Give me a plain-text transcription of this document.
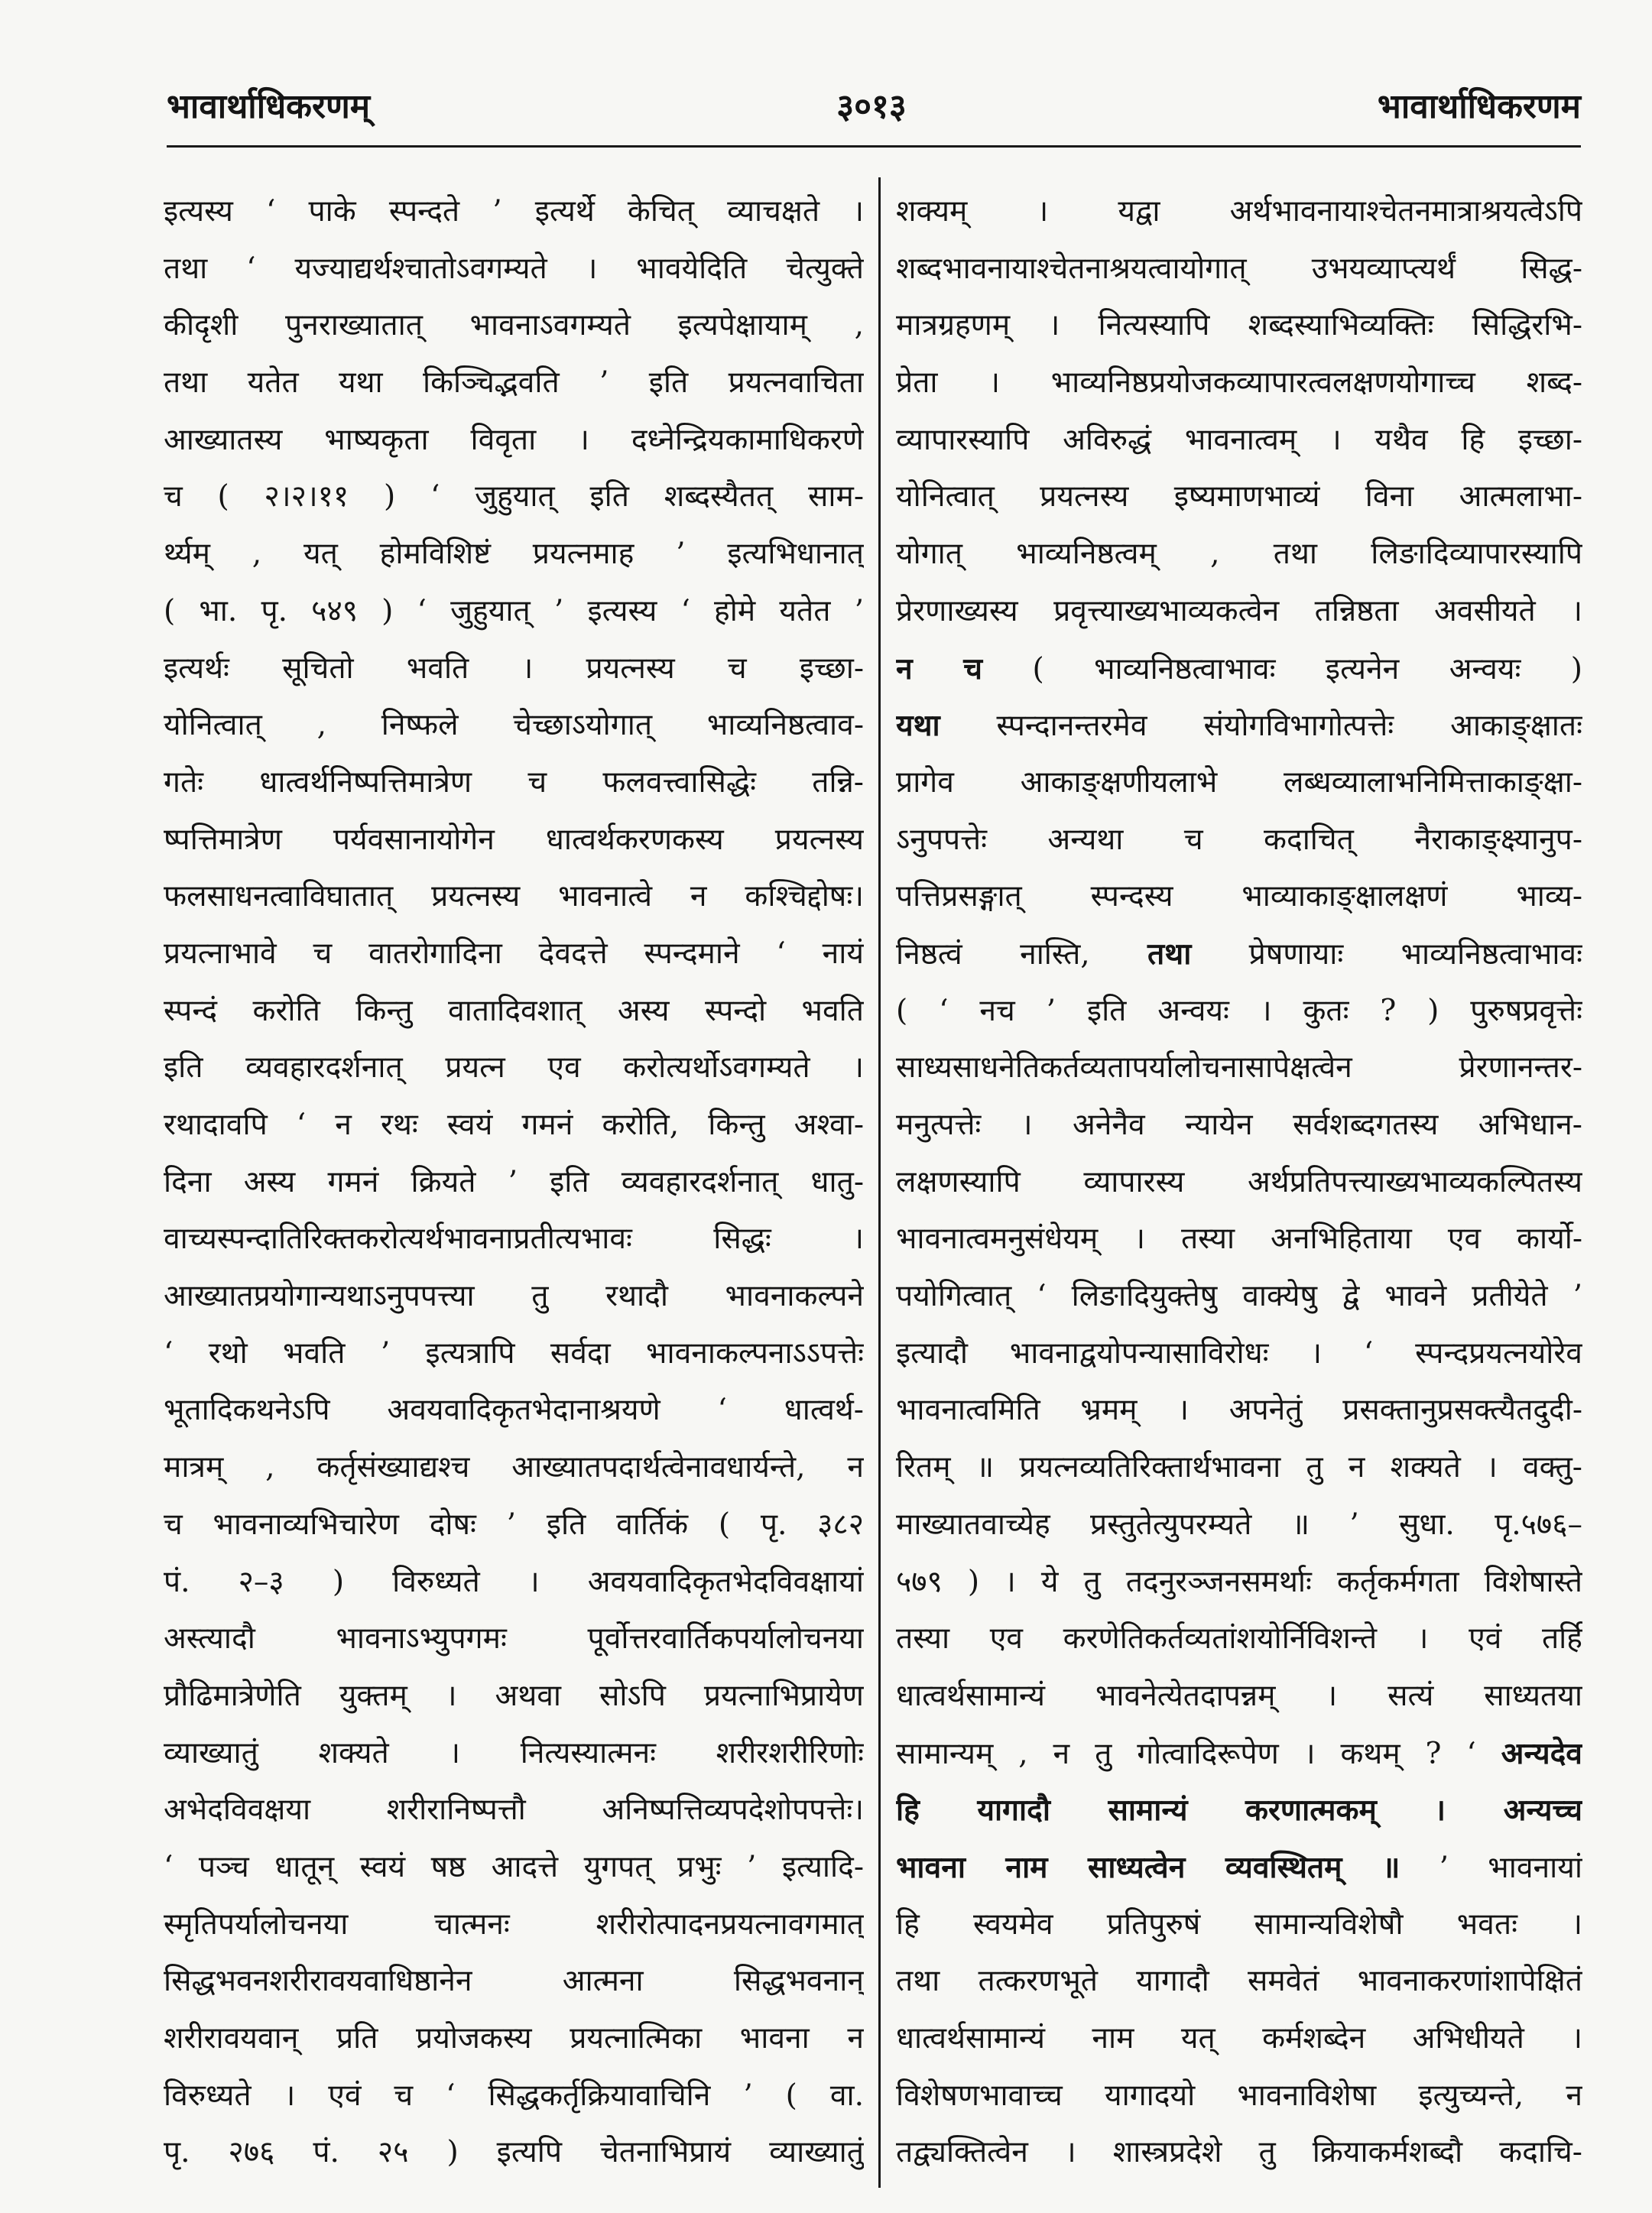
भावार्थाधिकरणम्	३०१३	भावार्थाधिकरणम
इत्यस्य ‘ पाके स्पन्दते ’ इत्यर्थे केचित् व्याचक्षते ।
तथा ‘ यज्याद्यर्थश्चातोऽवगम्यते । भावयेदिति चेत्युक्ते
कीदृशी पुनराख्यातात् भावनाऽवगम्यते इत्यपेक्षायाम् ,
तथा यतेत यथा किञ्चिद्भवति ’ इति प्रयत्नवाचिता
आख्यातस्य भाष्यकृता विवृता । दध्नेन्द्रियकामाधिकरणे
च ( २।२।११ ) ‘ जुहुयात् इति शब्दस्यैतत् साम-
र्थ्यम् , यत् होमविशिष्टं प्रयत्नमाह ’ इत्यभिधानात्
( भा. पृ. ५४९ ) ‘ जुहुयात् ’ इत्यस्य ‘ होमे यतेत ’
इत्यर्थः सूचितो भवति । प्रयत्नस्य च इच्छा-
योनित्वात् , निष्फले चेच्छाऽयोगात् भाव्यनिष्ठत्वाव-
गतेः धात्वर्थनिष्पत्तिमात्रेण च फलवत्त्वासिद्धेः तन्नि-
ष्पत्तिमात्रेण पर्यवसानायोगेन धात्वर्थकरणकस्य प्रयत्नस्य
फलसाधनत्वाविघातात् प्रयत्नस्य भावनात्वे न कश्चिद्दोषः।
प्रयत्नाभावे च वातरोगादिना देवदत्ते स्पन्दमाने ‘ नायं
स्पन्दं करोति किन्तु वातादिवशात् अस्य स्पन्दो भवति
इति व्यवहारदर्शनात् प्रयत्न एव करोत्यर्थोऽवगम्यते ।
रथादावपि ‘ न रथः स्वयं गमनं करोति, किन्तु अश्वा-
दिना अस्य गमनं क्रियते ’ इति व्यवहारदर्शनात् धातु-
वाच्यस्पन्दातिरिक्तकरोत्यर्थभावनाप्रतीत्यभावः सिद्धः ।
आख्यातप्रयोगान्यथाऽनुपपत्त्या तु रथादौ भावनाकल्पने
‘ रथो भवति ’ इत्यत्रापि सर्वदा भावनाकल्पनाऽऽपत्तेः
भूतादिकथनेऽपि अवयवादिकृतभेदानाश्रयणे ‘ धात्वर्थ-
मात्रम् , कर्तृसंख्याद्यश्च आख्यातपदार्थत्वेनावधार्यन्ते, न
च भावनाव्यभिचारेण दोषः ’ इति वार्तिकं ( पृ. ३८२
पं. २–३ ) विरुध्यते । अवयवादिकृतभेदविवक्षायां
अस्त्यादौ भावनाऽभ्युपगमः पूर्वोत्तरवार्तिकपर्यालोचनया
प्रौढिमात्रेणेति युक्तम् । अथवा सोऽपि प्रयत्नाभिप्रायेण
व्याख्यातुं शक्यते । नित्यस्यात्मनः शरीरशरीरिणोः
अभेदविवक्षया शरीरानिष्पत्तौ अनिष्पत्तिव्यपदेशोपपत्तेः।
‘ पञ्च धातून् स्वयं षष्ठ आदत्ते युगपत् प्रभुः ’ इत्यादि-
स्मृतिपर्यालोचनया चात्मनः शरीरोत्पादनप्रयत्नावगमात्
सिद्धभवनशरीरावयवाधिष्ठानेन आत्मना सिद्धभवनान्
शरीरावयवान् प्रति प्रयोजकस्य प्रयत्नात्मिका भावना न
विरुध्यते । एवं च ‘ सिद्धकर्तृक्रियावाचिनि ’ ( वा.
पृ. २७६ पं. २५ ) इत्यपि चेतनाभिप्रायं व्याख्यातुं
शक्यम् । यद्वा अर्थभावनायाश्चेतनमात्राश्रयत्वेऽपि
शब्दभावनायाश्चेतनाश्रयत्वायोगात् उभयव्याप्त्यर्थं सिद्ध-
मात्रग्रहणम् । नित्यस्यापि शब्दस्याभिव्यक्तिः सिद्धिरभि-
प्रेता । भाव्यनिष्ठप्रयोजकव्यापारत्वलक्षणयोगाच्च शब्द-
व्यापारस्यापि अविरुद्धं भावनात्वम् । यथैव हि इच्छा-
योनित्वात् प्रयत्नस्य इष्यमाणभाव्यं विना आत्मलाभा-
योगात् भाव्यनिष्ठत्वम् , तथा लिङादिव्यापारस्यापि
प्रेरणाख्यस्य प्रवृत्त्याख्यभाव्यकत्वेन तन्निष्ठता अवसीयते ।
न च ( भाव्यनिष्ठत्वाभावः इत्यनेन अन्वयः )
यथा स्पन्दानन्तरमेव संयोगविभागोत्पत्तेः आकाङ्क्षातः
प्रागेव आकाङ्क्षणीयलाभे लब्धव्यालाभनिमित्ताकाङ्क्षा-
ऽनुपपत्तेः अन्यथा च कदाचित् नैराकाङ्क्ष्यानुप-
पत्तिप्रसङ्गात् स्पन्दस्य भाव्याकाङ्क्षालक्षणं भाव्य-
निष्ठत्वं नास्ति, तथा प्रेषणायाः भाव्यनिष्ठत्वाभावः
( ‘ नच ’ इति अन्वयः । कुतः ? ) पुरुषप्रवृत्तेः
साध्यसाधनेतिकर्तव्यतापर्यालोचनासापेक्षत्वेन प्रेरणानन्तर-
मनुत्पत्तेः । अनेनैव न्यायेन सर्वशब्दगतस्य अभिधान-
लक्षणस्यापि व्यापारस्य अर्थप्रतिपत्त्याख्यभाव्यकल्पितस्य
भावनात्वमनुसंधेयम् । तस्या अनभिहिताया एव कार्यो-
पयोगित्वात् ‘ लिङादियुक्तेषु वाक्येषु द्वे भावने प्रतीयेते ’
इत्यादौ भावनाद्वयोपन्यासाविरोधः । ‘ स्पन्दप्रयत्नयोरेव
भावनात्वमिति भ्रमम् । अपनेतुं प्रसक्तानुप्रसक्त्यैतदुदी-
रितम् ॥ प्रयत्नव्यतिरिक्तार्थभावना तु न शक्यते । वक्तु-
माख्यातवाच्येह प्रस्तुतेत्युपरम्यते ॥ ’ सुधा. पृ.५७६–
५७९ ) । ये तु तदनुरञ्जनसमर्थाः कर्तृकर्मगता विशेषास्ते
तस्या एव करणेतिकर्तव्यतांशयोर्निविशन्ते । एवं तर्हि
धात्वर्थसामान्यं भावनेत्येतदापन्नम् । सत्यं साध्यतया
सामान्यम् , न तु गोत्वादिरूपेण । कथम् ? ‘ अन्यदेव
हि यागादौ सामान्यं करणात्मकम् । अन्यच्च
भावना नाम साध्यत्वेन व्यवस्थितम् ॥ ’ भावनायां
हि स्वयमेव प्रतिपुरुषं सामान्यविशेषौ भवतः ।
तथा तत्करणभूते यागादौ समवेतं भावनाकरणांशापेक्षितं
धात्वर्थसामान्यं नाम यत् कर्मशब्देन अभिधीयते ।
विशेषणभावाच्च यागादयो भावनाविशेषा इत्युच्यन्ते, न
तद्व्यक्तित्वेन । शास्त्रप्रदेशे तु क्रियाकर्मशब्दौ कदाचि-
